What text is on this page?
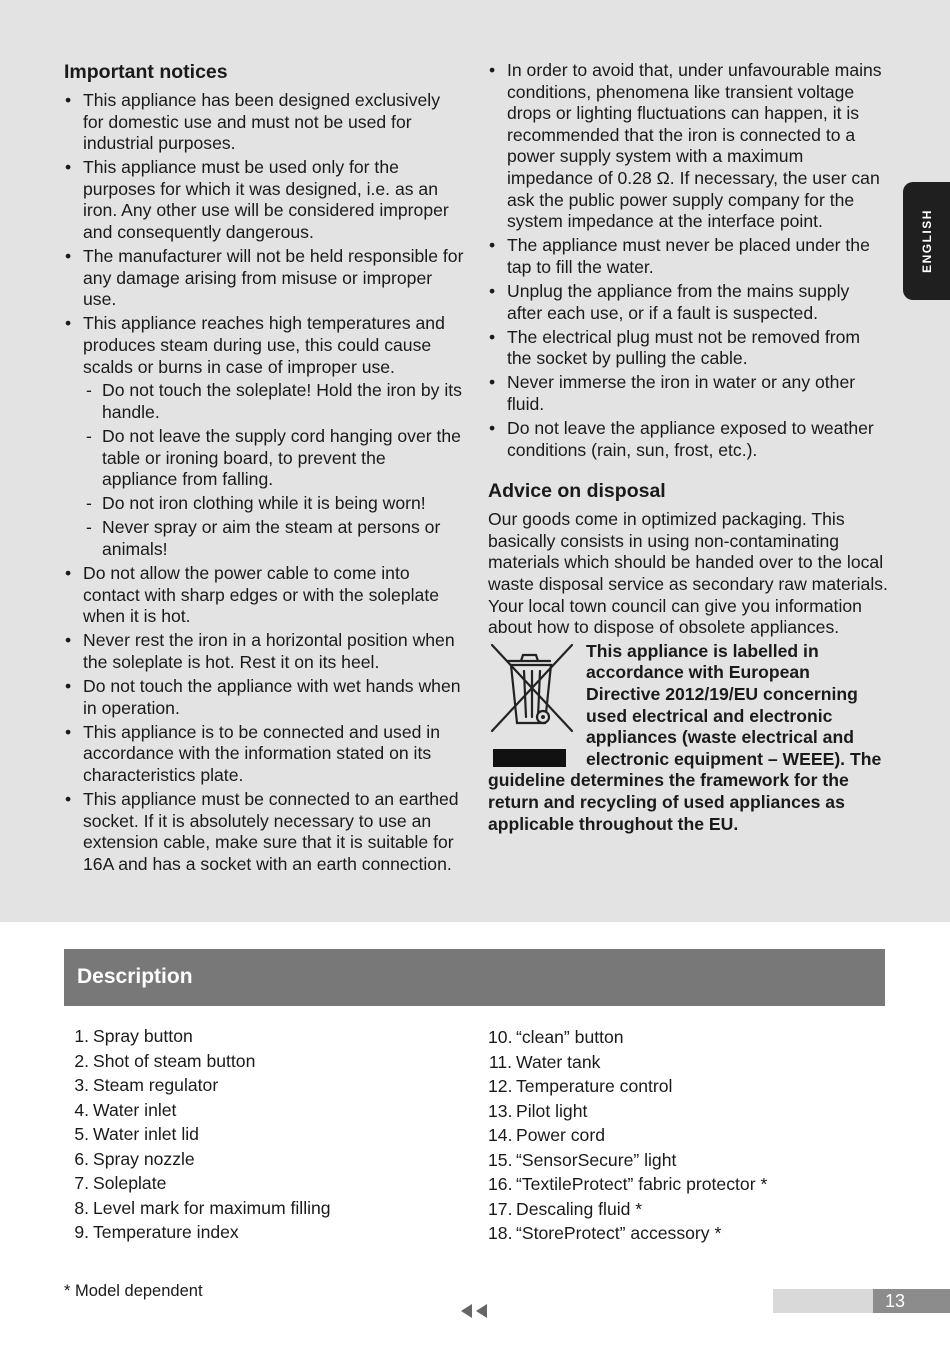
Important notices
• This appliance has been designed exclusively for domestic use and must not be used for industrial purposes.
• This appliance must be used only for the purposes for which it was designed, i.e. as an iron. Any other use will be considered improper and consequently dangerous.
• The manufacturer will not be held responsible for any damage arising from misuse or improper use.
• This appliance reaches high temperatures and produces steam during use, this could cause scalds or burns in case of improper use.
- Do not touch the soleplate! Hold the iron by its handle.
- Do not leave the supply cord hanging over the table or ironing board, to prevent the appliance from falling.
- Do not iron clothing while it is being worn!
- Never spray or aim the steam at persons or animals!
• Do not allow the power cable to come into contact with sharp edges or with the soleplate when it is hot.
• Never rest the iron in a horizontal position when the soleplate is hot. Rest it on its heel.
• Do not touch the appliance with wet hands when in operation.
• This appliance is to be connected and used in accordance with the information stated on its characteristics plate.
• This appliance must be connected to an earthed socket. If it is absolutely necessary to use an extension cable, make sure that it is suitable for 16A and has a socket with an earth connection.
• In order to avoid that, under unfavourable mains conditions, phenomena like transient voltage drops or lighting fluctuations can happen, it is recommended that the iron is connected to a power supply system with a maximum impedance of 0.28 Ω. If necessary, the user can ask the public power supply company for the system impedance at the interface point.
• The appliance must never be placed under the tap to fill the water.
• Unplug the appliance from the mains supply after each use, or if a fault is suspected.
• The electrical plug must not be removed from the socket by pulling the cable.
• Never immerse the iron in water or any other fluid.
• Do not leave the appliance exposed to weather conditions (rain, sun, frost, etc.).
Advice on disposal

Our goods come in optimized packaging. This basically consists in using non-contaminating materials which should be handed over to the local waste disposal service as secondary raw materials. Your local town council can give you information about how to dispose of obsolete appliances.

This appliance is labelled in accordance with European Directive 2012/19/EU concerning used electrical and electronic appliances (waste electrical and electronic equipment – WEEE). The guideline determines the framework for the return and recycling of used appliances as applicable throughout the EU.

ENGLISH
Description
1. Spray button
2. Shot of steam button
3. Steam regulator
4. Water inlet
5. Water inlet lid
6. Spray nozzle
7. Soleplate
8. Level mark for maximum filling
9. Temperature index
10. “clean” button
11. Water tank
12. Temperature control
13. Pilot light
14. Power cord
15. “SensorSecure” light
16. “TextileProtect” fabric protector *
17. Descaling fluid *
18. “StoreProtect” accessory *
* Model dependent	13
